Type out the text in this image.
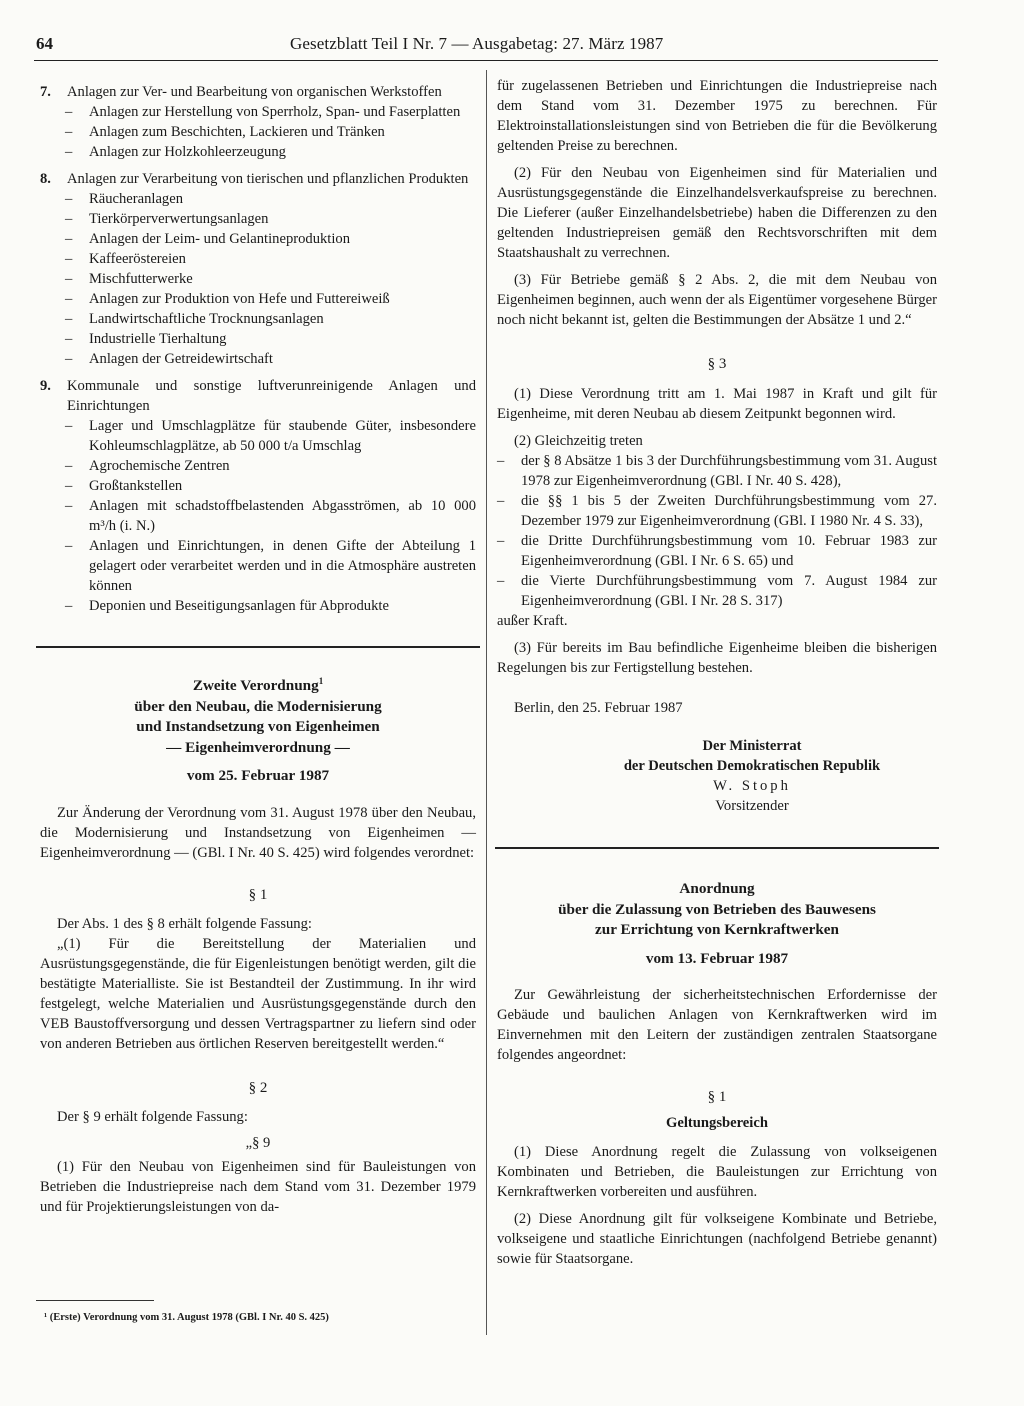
64	Gesetzblatt Teil I Nr. 7 — Ausgabetag: 27. März 1987
7.	Anlagen zur Ver- und Bearbeitung von organischen Werkstoffen
–	Anlagen zur Herstellung von Sperrholz, Span- und Faserplatten
–	Anlagen zum Beschichten, Lackieren und Tränken
–	Anlagen zur Holzkohleerzeugung
8.	Anlagen zur Verarbeitung von tierischen und pflanzlichen Produkten
–	Räucheranlagen
–	Tierkörperverwertungsanlagen
–	Anlagen der Leim- und Gelantineproduktion
–	Kaffeeröstereien
–	Mischfutterwerke
–	Anlagen zur Produktion von Hefe und Futtereiweiß
–	Landwirtschaftliche Trocknungsanlagen
–	Industrielle Tierhaltung
–	Anlagen der Getreidewirtschaft
9.	Kommunale und sonstige luftverunreinigende Anlagen und Einrichtungen
–	Lager und Umschlagplätze für staubende Güter, insbesondere Kohleumschlagplätze, ab 50 000 t/a Umschlag
–	Agrochemische Zentren
–	Großtankstellen
–	Anlagen mit schadstoffbelastenden Abgasströmen, ab 10 000 m³/h (i. N.)
–	Anlagen und Einrichtungen, in denen Gifte der Abteilung 1 gelagert oder verarbeitet werden und in die Atmosphäre austreten können
–	Deponien und Beseitigungsanlagen für Abprodukte
Zweite Verordnung$^1$
über den Neubau, die Modernisierung
und Instandsetzung von Eigenheimen
— Eigenheimverordnung —
vom 25. Februar 1987

Zur Änderung der Verordnung vom 31. August 1978 über den Neubau, die Modernisierung und Instandsetzung von Eigenheimen — Eigenheimverordnung — (GBl. I Nr. 40 S. 425) wird folgendes verordnet:

§ 1

Der Abs. 1 des § 8 erhält folgende Fassung:

„(1) Für die Bereitstellung der Materialien und Ausrüstungsgegenstände, die für Eigenleistungen benötigt werden, gilt die bestätigte Materialliste. Sie ist Bestandteil der Zustimmung. In ihr wird festgelegt, welche Materialien und Ausrüstungsgegenstände durch den VEB Baustoffversorgung und dessen Vertragspartner zu liefern sind oder von anderen Betrieben aus örtlichen Reserven bereitgestellt werden.“

§ 2

Der § 9 erhält folgende Fassung:

„§ 9

(1) Für den Neubau von Eigenheimen sind für Bauleistungen von Betrieben die Industriepreise nach dem Stand vom 31. Dezember 1979 und für Projektierungsleistungen von da-

¹ (Erste) Verordnung vom 31. August 1978 (GBl. I Nr. 40 S. 425)

für zugelassenen Betrieben und Einrichtungen die Industriepreise nach dem Stand vom 31. Dezember 1975 zu berechnen. Für Elektroinstallationsleistungen sind von Betrieben die für die Bevölkerung geltenden Preise zu berechnen.

(2) Für den Neubau von Eigenheimen sind für Materialien und Ausrüstungsgegenstände die Einzelhandelsverkaufspreise zu berechnen. Die Lieferer (außer Einzelhandelsbetriebe) haben die Differenzen zu den geltenden Industriepreisen gemäß den Rechtsvorschriften mit dem Staatshaushalt zu verrechnen.

(3) Für Betriebe gemäß § 2 Abs. 2, die mit dem Neubau von Eigenheimen beginnen, auch wenn der als Eigentümer vorgesehene Bürger noch nicht bekannt ist, gelten die Bestimmungen der Absätze 1 und 2.“

§ 3

(1) Diese Verordnung tritt am 1. Mai 1987 in Kraft und gilt für Eigenheime, mit deren Neubau ab diesem Zeitpunkt begonnen wird.

(2) Gleichzeitig treten

–	der § 8 Absätze 1 bis 3 der Durchführungsbestimmung vom 31. August 1978 zur Eigenheimverordnung (GBl. I Nr. 40 S. 428),
–	die §§ 1 bis 5 der Zweiten Durchführungsbestimmung vom 27. Dezember 1979 zur Eigenheimverordnung (GBl. I 1980 Nr. 4 S. 33),
–	die Dritte Durchführungsbestimmung vom 10. Februar 1983 zur Eigenheimverordnung (GBl. I Nr. 6 S. 65) und
–	die Vierte Durchführungsbestimmung vom 7. August 1984 zur Eigenheimverordnung (GBl. I Nr. 28 S. 317)

außer Kraft.

(3) Für bereits im Bau befindliche Eigenheime bleiben die bisherigen Regelungen bis zur Fertigstellung bestehen.

Berlin, den 25. Februar 1987

Der Ministerrat
der Deutschen Demokratischen Republik
W. Stoph
Vorsitzender
Anordnung
über die Zulassung von Betrieben des Bauwesens
zur Errichtung von Kernkraftwerken
vom 13. Februar 1987

Zur Gewährleistung der sicherheitstechnischen Erfordernisse der Gebäude und baulichen Anlagen von Kernkraftwerken wird im Einvernehmen mit den Leitern der zuständigen zentralen Staatsorgane folgendes angeordnet:

§ 1
Geltungsbereich

(1) Diese Anordnung regelt die Zulassung von volkseigenen Kombinaten und Betrieben, die Bauleistungen zur Errichtung von Kernkraftwerken vorbereiten und ausführen.

(2) Diese Anordnung gilt für volkseigene Kombinate und Betriebe, volkseigene und staatliche Einrichtungen (nachfolgend Betriebe genannt) sowie für Staatsorgane.
